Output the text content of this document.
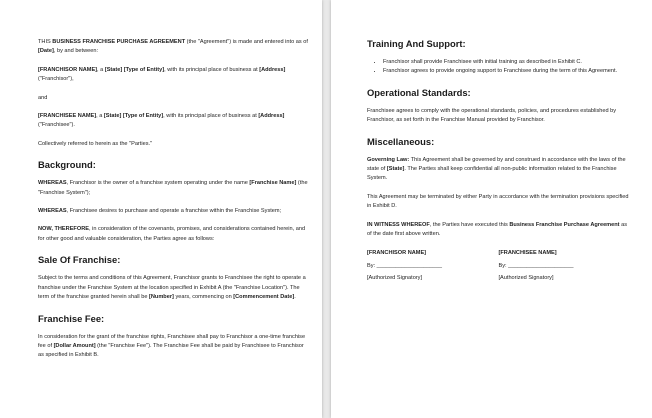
THIS BUSINESS FRANCHISE PURCHASE AGREEMENT (the "Agreement") is made and entered into as of [Date], by and between:

[FRANCHISOR NAME], a [State] [Type of Entity], with its principal place of business at [Address] ("Franchisor"),

and

[FRANCHISEE NAME], a [State] [Type of Entity], with its principal place of business at [Address] ("Franchisee").

Collectively referred to herein as the "Parties."

Background:

WHEREAS, Franchisor is the owner of a franchise system operating under the name [Franchise Name] (the "Franchise System");

WHEREAS, Franchisee desires to purchase and operate a franchise within the Franchise System;

NOW, THEREFORE, in consideration of the covenants, promises, and considerations contained herein, and for other good and valuable consideration, the Parties agree as follows:

Sale Of Franchise:

Subject to the terms and conditions of this Agreement, Franchisor grants to Franchisee the right to operate a franchise under the Franchise System at the location specified in Exhibit A (the "Franchise Location"). The term of the franchise granted herein shall be [Number] years, commencing on [Commencement Date].

Franchise Fee:

In consideration for the grant of the franchise rights, Franchisee shall pay to Franchisor a one-time franchise fee of [Dollar Amount] (the "Franchise Fee"). The Franchise Fee shall be paid by Franchisee to Franchisor as specified in Exhibit B.

Training And Support:
• Franchisor shall provide Franchisee with initial training as described in Exhibit C.
• Franchisor agrees to provide ongoing support to Franchisee during the term of this Agreement.
Operational Standards:

Franchisee agrees to comply with the operational standards, policies, and procedures established by Franchisor, as set forth in the Franchise Manual provided by Franchisor.

Miscellaneous:

Governing Law: This Agreement shall be governed by and construed in accordance with the laws of the state of [State]. The Parties shall keep confidential all non-public information related to the Franchise System.

This Agreement may be terminated by either Party in accordance with the termination provisions specified in Exhibit D.

IN WITNESS WHEREOF, the Parties have executed this Business Franchise Purchase Agreement as of the date first above written.

[FRANCHISOR NAME]
By: _____________________
[Authorized Signatory]
[FRANCHISEE NAME]
By: _____________________
[Authorized Signatory]
